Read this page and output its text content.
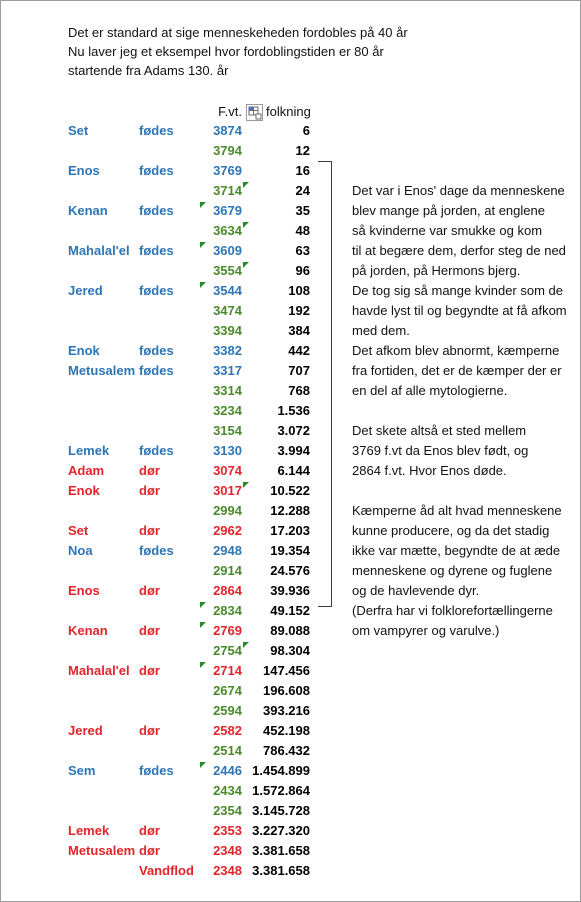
Det er standard at sige menneskeheden fordobles på 40 år
Nu laver jeg et eksempel hvor fordoblingstiden er 80 år
startende fra Adams 130. år
F.vt. folkning
Set	fødes	3874	6
3794	12
Enos	fødes	3769	16
3714	24
Kenan	fødes	3679	35
3634	48
Mahalal'el fødes	3609	63
3554	96
Jered	fødes	3544	108
3474	192
3394	384
Enok	fødes	3382	442
Metusalem fødes	3317	707
3314	768
3234	1.536
3154	3.072
Lemek	fødes	3130	3.994
Adam	dør	3074	6.144
Enok	dør	3017	10.522
2994	12.288
Set	dør	2962	17.203
Noa	fødes	2948	19.354
2914	24.576
Enos	dør	2864	39.936
2834	49.152
Kenan	dør	2769	89.088
2754	98.304
Mahalal'el dør	2714	147.456
2674	196.608
2594	393.216
Jered	dør	2582	452.198
2514	786.432
Sem	fødes	2446 1.454.899
2434 1.572.864
2354 3.145.728
Lemek	dør	2353 3.227.320
Metusalem dør	2348 3.381.658
Vandflod	2348 3.381.658
Det var i Enos' dage da menneskene
blev mange på jorden, at englene
så kvinderne var smukke og kom
til at begære dem, derfor steg de ned
på jorden, på Hermons bjerg.
De tog sig så mange kvinder som de
havde lyst til og begyndte at få afkom
med dem.
Det afkom blev abnormt, kæmperne
fra fortiden, det er de kæmper der er
en del af alle mytologierne.
Det skete altså et sted mellem
3769 f.vt da Enos blev født, og
2864 f.vt. Hvor Enos døde.
Kæmperne åd alt hvad menneskene
kunne producere, og da det stadig
ikke var mætte, begyndte de at æde
menneskene og dyrene og fuglene
og de havlevende dyr.
(Derfra har vi folklorefortællingerne
om vampyrer og varulve.)
